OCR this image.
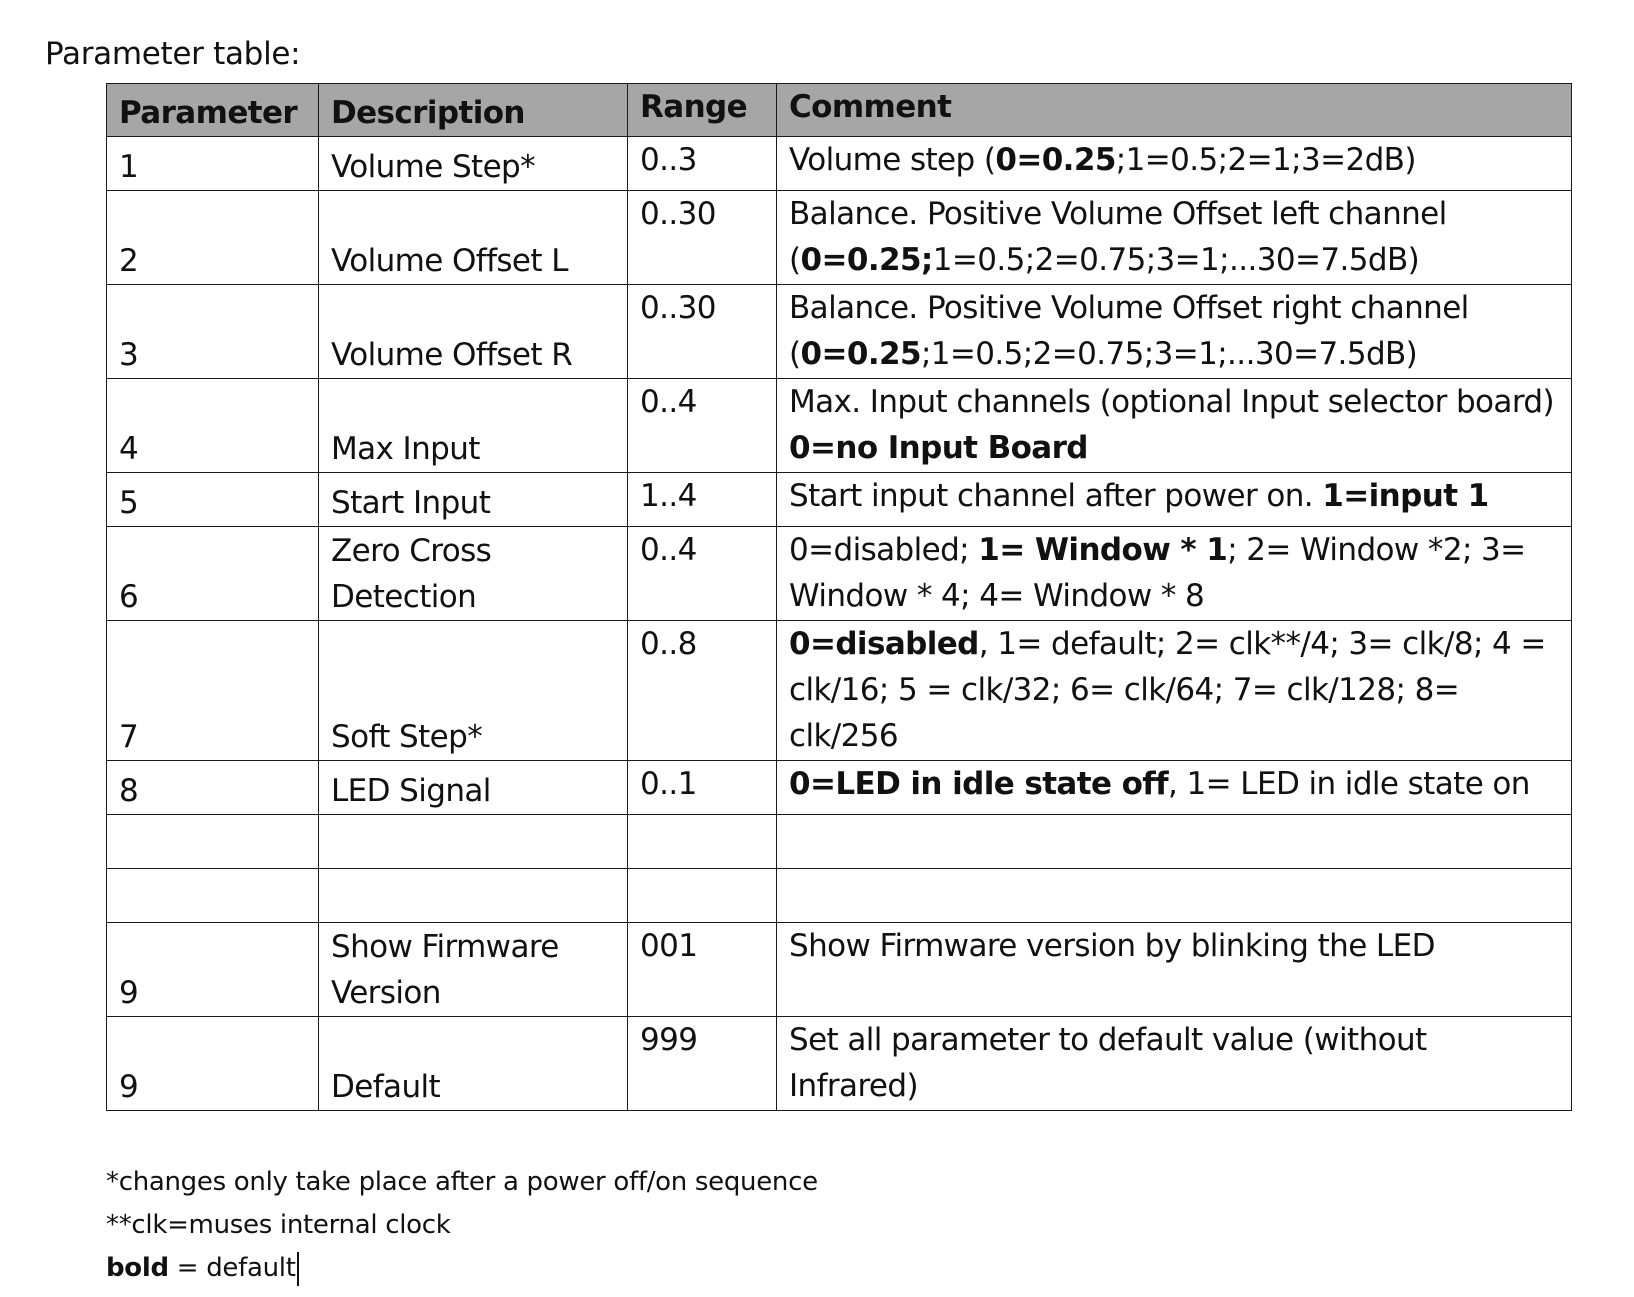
Parameter table:
Parameter	Description	Range	Comment
1	Volume Step*	0..3	Volume step (0=0.25;1=0.5;2=1;3=2dB)
2	Volume Offset L	0..30	Balance. Positive Volume Offset left channel (0=0.25;1=0.5;2=0.75;3=1;...30=7.5dB)
3	Volume Offset R	0..30	Balance. Positive Volume Offset right channel (0=0.25;1=0.5;2=0.75;3=1;...30=7.5dB)
4	Max Input	0..4	Max. Input channels (optional Input selector board) 0=no Input Board
5	Start Input	1..4	Start input channel after power on. 1=input 1
6	Zero Cross Detection	0..4	0=disabled; 1= Window * 1; 2= Window *2; 3= Window * 4; 4= Window * 8
7	Soft Step*	0..8	0=disabled, 1= default; 2= clk**/4; 3= clk/8; 4 = clk/16; 5 = clk/32; 6= clk/64; 7= clk/128; 8= clk/256
8	LED Signal	0..1	0=LED in idle state off, 1= LED in idle state on

9	Show Firmware Version	001	Show Firmware version by blinking the LED
9	Default	999	Set all parameter to default value (without Infrared)
*changes only take place after a power off/on sequence
**clk=muses internal clock
bold = default
